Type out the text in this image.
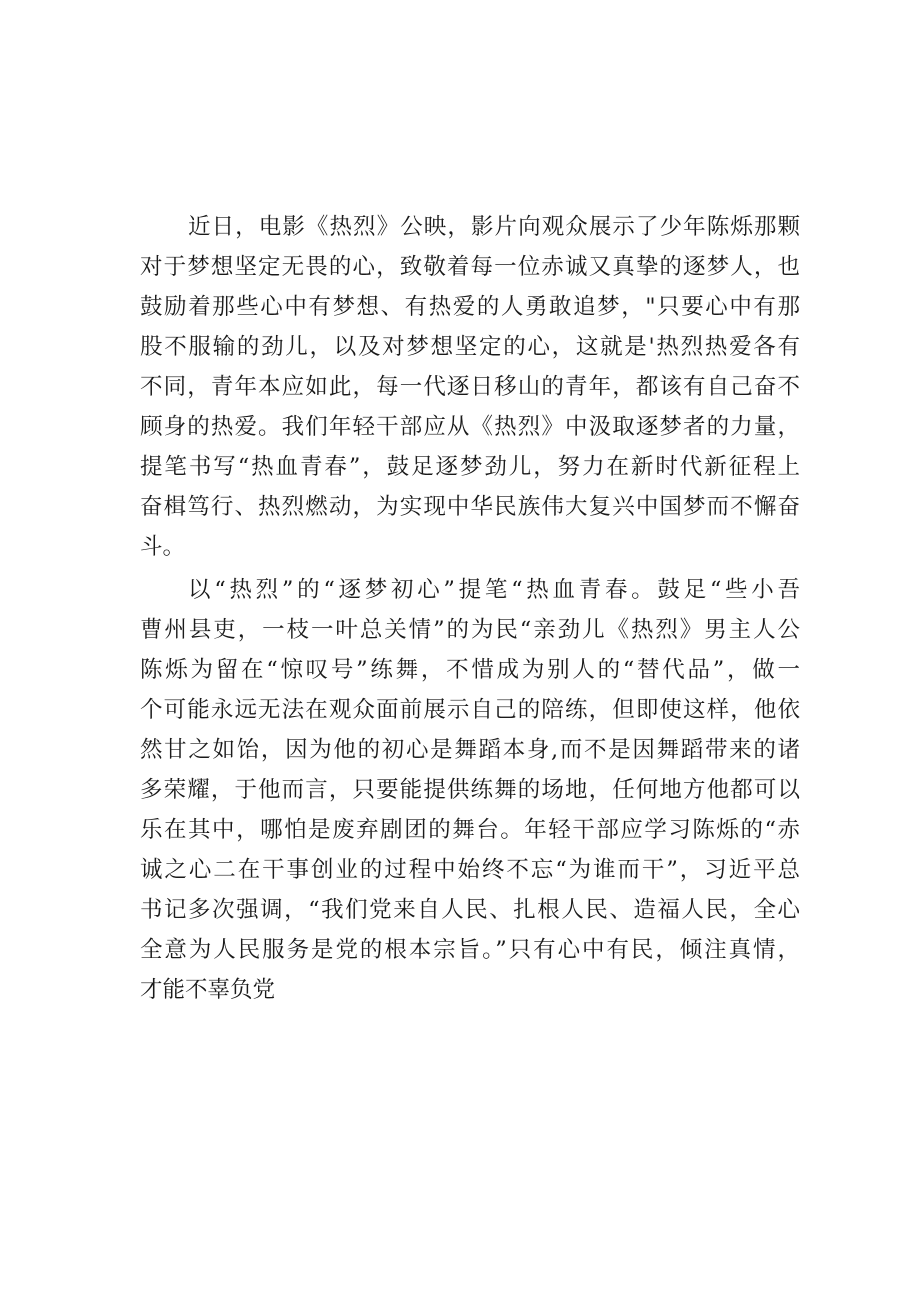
近日，电影《热烈》公映，影片向观众展示了少年陈烁那颗
对于梦想坚定无畏的心，致敬着每一位赤诚又真挚的逐梦人，也
鼓励着那些心中有梦想、有热爱的人勇敢追梦，"只要心中有那
股不服输的劲儿，以及对梦想坚定的心，这就是'热烈热爱各有
不同，青年本应如此，每一代逐日移山的青年，都该有自己奋不
顾身的热爱。我们年轻干部应从《热烈》中汲取逐梦者的力量，
提笔书写“热血青春”，鼓足逐梦劲儿，努力在新时代新征程上
奋楫笃行、热烈燃动，为实现中华民族伟大复兴中国梦而不懈奋
斗。
以“热烈”的“逐梦初心”提笔“热血青春。鼓足“些小吾
曹州县吏，一枝一叶总关情”的为民“亲劲儿《热烈》男主人公
陈烁为留在“惊叹号”练舞，不惜成为别人的“替代品”，做一
个可能永远无法在观众面前展示自己的陪练，但即使这样，他依
然甘之如饴，因为他的初心是舞蹈本身,而不是因舞蹈带来的诸
多荣耀，于他而言，只要能提供练舞的场地，任何地方他都可以
乐在其中，哪怕是废弃剧团的舞台。年轻干部应学习陈烁的“赤
诚之心二在干事创业的过程中始终不忘“为谁而干”，习近平总
书记多次强调，“我们党来自人民、扎根人民、造福人民，全心
全意为人民服务是党的根本宗旨。”只有心中有民，倾注真情，
才能不辜负党
